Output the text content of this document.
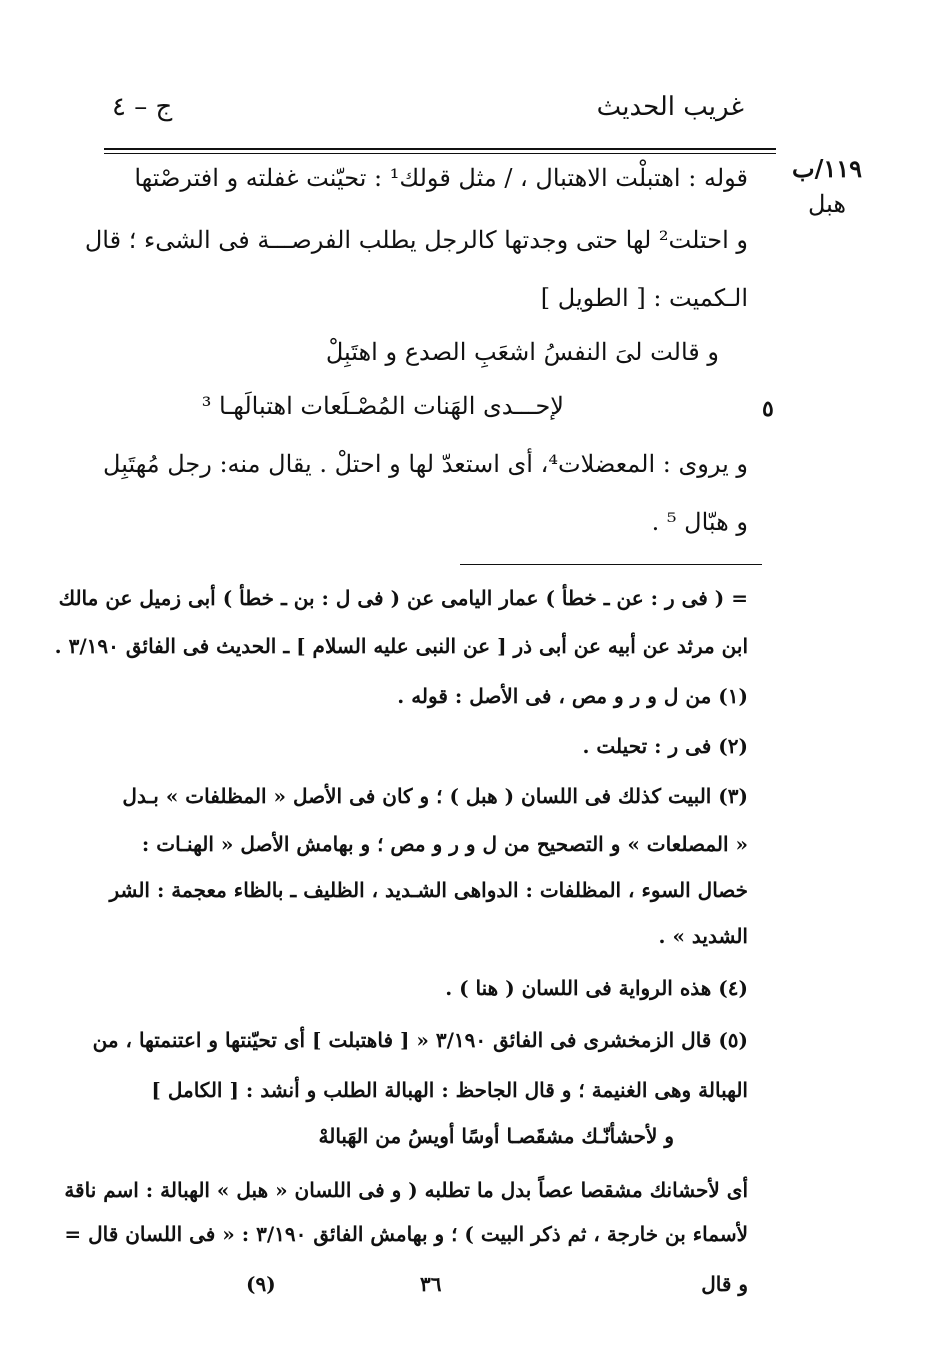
غريب الحديث
ج – ٤
١١٩/ب
هبل
٥
قوله : اهتبلْت الاهتبال ، / مثل قولك¹ : تحيّنت غفلته و افترصْتها
و احتلت² لها حتى وجدتها كالرجل يطلب الفرصـــة فى الشىء ؛ قال
الـكميت : [ الطويل ]
و قالت لىَ النفسُ اشعَبِ الصدع و اهتَبِلْ
لإحـــدى الهَنات المُصْـلَعات اهتبالَهـا ³
و يروى : المعضلات⁴، أى استعدّ لها و احتلْ . يقال منه: رجل مُهتَبِل
و هبّال ⁵ .
= ( فى ر : عن ـ خطأ ) عمار اليامى عن ( فى ل : بن ـ خطأ ) أبى زميل عن مالك
ابن مرثد عن أبيه عن أبى ذر [ عن النبى عليه السلام ] ـ الحديث فى الفائق ٣/١٩٠ .
(١) من ل و ر و مص ، فى الأصل : قوله .
(٢) فى ر : تحيلت .
(٣) البيت كذلك فى اللسان ( هبل ) ؛ و كان فى الأصل « المظلفات » بـدل
« المصلعات » و التصحيح من ل و ر و مص ؛ و بهامش الأصل « الهنـات :
خصال السوء ، المظلفات : الدواهى الشـديد ، الظليف ـ بالظاء معجمة : الشر
الشديد » .
(٤) هذه الرواية فى اللسان ( هنا ) .
(٥) قال الزمخشرى فى الفائق ٣/١٩٠ « [ فاهتبلت ] أى تحيّنتها و اعتنمتها ، من
الهبالة وهى الغنيمة ؛ و قال الجاحظ : الهبالة الطلب و أنشد : [ الكامل ]
و لأحشأنّـك مشقَصـا أوسًا أويسُ من الهَبالهْ
أى لأحشانك مشقصا عصاً بدل ما تطلبه ( و فى اللسان « هبل » الهبالة : اسم ناقة
لأسماء بن خارجة ، ثم ذكر البيت ) ؛ و بهامش الفائق ٣/١٩٠ : « فى اللسان قال =
و قال
(٩)	٣٦
